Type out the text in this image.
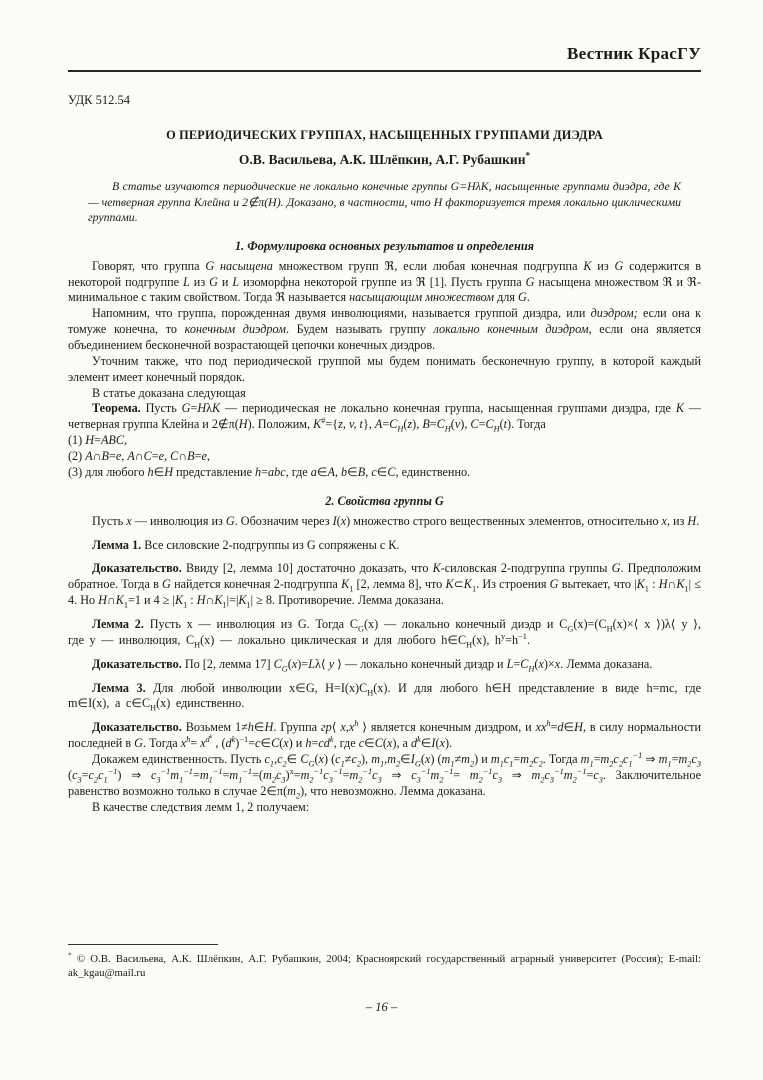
Вестник КрасГУ
УДК 512.54
О ПЕРИОДИЧЕСКИХ ГРУППАХ, НАСЫЩЕННЫХ ГРУППАМИ ДИЭДРА
О.В. Васильева, А.К. Шлёпкин, А.Г. Рубашкин*
В статье изучаются периодические не локально конечные группы G=HλK, насыщенные группами диэдра, где K — четверная группа Клейна и 2∉π(H). Доказано, в частности, что H факторизуется тремя локально циклическими группами.
1. Формулировка основных результатов и определения

Говорят, что группа G насыщена множеством групп ℜ, если любая конечная подгруппа K из G содержится в некоторой подгруппе L из G и L изоморфна некоторой группе из ℜ [1]. Пусть группа G насыщена множеством ℜ и ℜ-минимальное с таким свойством. Тогда ℜ называется насыщающим множеством для G.

Напомним, что группа, порожденная двумя инволюциями, называется группой диэдра, или диэдром; если она к томуже конечна, то конечным диэдром. Будем называть группу локально конечным диэдром, если она является объединением бесконечной возрастающей цепочки конечных диэдров.

Уточним также, что под периодической группой мы будем понимать бесконечную группу, в которой каждый элемент имеет конечный порядок.

В статье доказана следующая

Теорема. Пусть G=HλK — периодическая не локально конечная группа, насыщенная группами диэдра, где K — четверная группа Клейна и 2∉π(H). Положим, K#={z, v, t}, $A=C_H(z)$, $B=C_H(v)$, $C=C_H(t)$. Тогда

(1) H=ABC,

(2) A∩B=e, A∩C=e, C∩B=e,

(3) для любого h∈H представление h=abc, где a∈A, b∈B, c∈C, единственно.

2. Свойства группы G

Пусть x — инволюция из G. Обозначим через I(x) множество строго вещественных элементов, относительно x, из H.

Лемма 1. Все силовские 2-подгруппы из G сопряжены с К.

Доказательство. Ввиду [2, лемма 10] достаточно доказать, что К-силовская 2-подгруппа группы G. Предположим обратное. Тогда в G найдется конечная 2-подгруппа $K_1$ [2, лемма 8], что $K\subset K_1$. Из строения G вытекает, что $|K_1$ : $H\cap K_1| \le 4$. Но $H\cap K_1=1$ и $4 \ge |K_1$ : $H\cap K_1|=|K_1| \ge 8$. Противоречие. Лемма доказана.

Лемма 2. Пусть x — инволюция из G. Тогда $C_G(x)$ — локально конечный диэдр и $C_G(x)=(C_H(x)\times⟨$ x ⟩)λ⟨ y ⟩, где y — инволюция, $C_H(x)$ — локально циклическая и для любого $h\in C_H(x)$, $h^y=h^{-1}$.

Доказательство. По [2, лемма 17] $C_G(x)=L\lambda⟨$ y ⟩ — локально конечный диэдр и $L=C_H(x)\times x$. Лемма доказана.

Лемма 3. Для любой инволюции x∈G, $H=I(x)C_H(x)$. И для любого h∈H представление в виде h=mc, где m∈I(x), a $c\in C_H(x)$ единственно.

Доказательство. Возьмем 1≠h∈H. Группа гр⟨ $x,x^h$ ⟩ является конечным диэдром, и $xx^h=d\in H$, в силу нормальности последней в G. Тогда $x^h= x^{d^k}$ , $(d^k)^{-1}=c\in C(x)$ и $h=cd^k$, где c∈C(x), а $d^k\in I(x)$.

Докажем единственность. Пусть $c_1,c_2\in$ $C_G(x)$ $(c_1\ne c_2)$, $m_1,m_2\in I_G(x)$ $(m_1\ne m_2)$ и $m_1c_1=m_2c_2$. Тогда $m_1=m_2c_2c_1^{-1}$ ⇒ $m_1=m_2c_3$ $(c_3=c_2c_1^{-1})$ ⇒ $c_3^{-1}m_1^{-1}=m_1^{-1}=m_1^{-1}=(m_2c_3)^x=m_2^{-1}c_3^{-1}=m_2^{-1}c_3$ ⇒ $c_3^{-1}m_2^{-1}= m_2^{-1}c_3$ ⇒ $m_2c_3^{-1}m_2^{-1}=c_3$. Заключительное равенство возможно только в случае $2\in\pi(m_2)$, что невозможно. Лемма доказана.

В качестве следствия лемм 1, 2 получаем:

* © О.В. Васильева, А.К. Шлёпкин, А.Г. Рубашкин, 2004; Красноярский государственный аграрный университет (Россия); E-mail: ak_kgau@mail.ru
– 16 –
